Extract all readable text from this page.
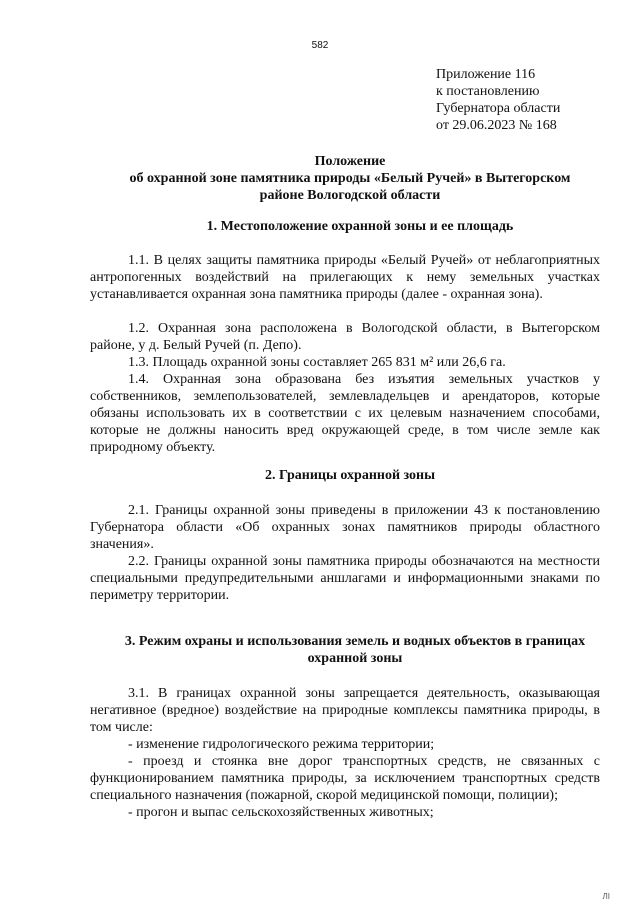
582
Приложение 116
к постановлению
Губернатора области
от 29.06.2023 № 168
Положение
об охранной зоне памятника природы «Белый Ручей» в Вытегорском
районе Вологодской области
1. Местоположение охранной зоны и ее площадь
1.1. В целях защиты памятника природы «Белый Ручей» от неблагоприятных антропогенных воздействий на прилегающих к нему земельных участках устанавливается охранная зона памятника природы (далее - охранная зона).
1.2. Охранная зона расположена в Вологодской области, в Вытегорском районе, у д. Белый Ручей (п. Депо).
1.3. Площадь охранной зоны составляет 265 831 м² или 26,6 га.
1.4. Охранная зона образована без изъятия земельных участков у собственников, землепользователей, землевладельцев и арендаторов, которые обязаны использовать их в соответствии с их целевым назначением способами, которые не должны наносить вред окружающей среде, в том числе земле как природному объекту.
2. Границы охранной зоны
2.1. Границы охранной зоны приведены в приложении 43 к постановлению Губернатора области «Об охранных зонах памятников природы областного значения».
2.2. Границы охранной зоны памятника природы обозначаются на местности специальными предупредительными аншлагами и информационными знаками по периметру территории.
3. Режим охраны и использования земель и водных объектов в границах
охранной зоны
3.1. В границах охранной зоны запрещается деятельность, оказывающая негативное (вредное) воздействие на природные комплексы памятника природы, в том числе:
- изменение гидрологического режима территории;
- проезд и стоянка вне дорог транспортных средств, не связанных с функционированием памятника природы, за исключением транспортных средств специального назначения (пожарной, скорой медицинской помощи, полиции);
- прогон и выпас сельскохозяйственных животных;
ЛI
